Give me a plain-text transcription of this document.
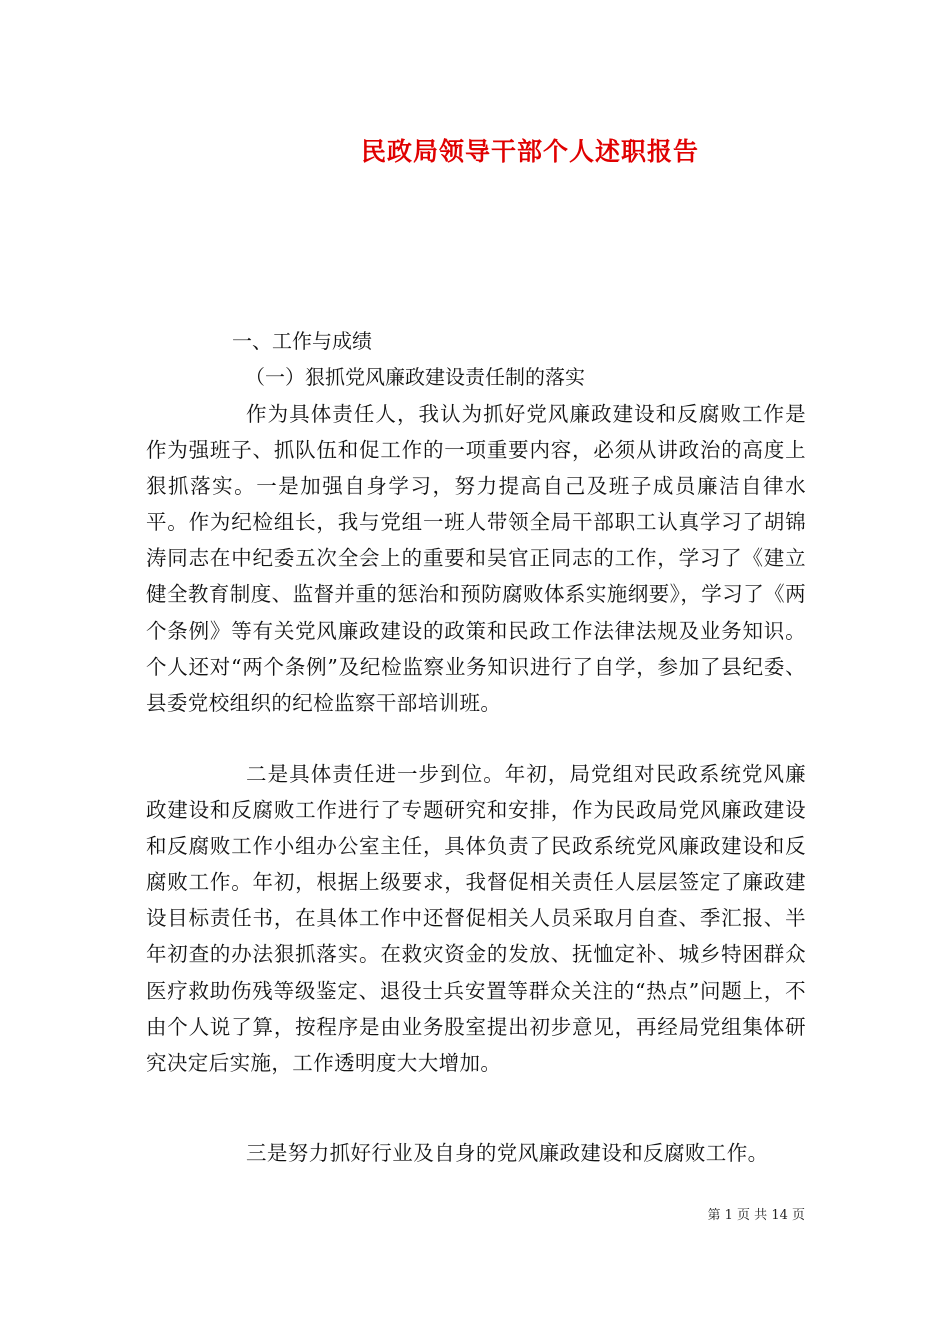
民政局领导干部个人述职报告
一、工作与成绩
（一）狠抓党风廉政建设责任制的落实

作为具体责任人，我认为抓好党风廉政建设和反腐败工作是作为强班子、抓队伍和促工作的一项重要内容，必须从讲政治的高度上狠抓落实。一是加强自身学习，努力提高自己及班子成员廉洁自律水平。作为纪检组长，我与党组一班人带领全局干部职工认真学习了胡锦涛同志在中纪委五次全会上的重要和吴官正同志的工作，学习了《建立健全教育制度、监督并重的惩治和预防腐败体系实施纲要》，学习了《两个条例》等有关党风廉政建设的政策和民政工作法律法规及业务知识。个人还对“两个条例”及纪检监察业务知识进行了自学，参加了县纪委、县委党校组织的纪检监察干部培训班。

二是具体责任进一步到位。年初，局党组对民政系统党风廉政建设和反腐败工作进行了专题研究和安排，作为民政局党风廉政建设和反腐败工作小组办公室主任，具体负责了民政系统党风廉政建设和反腐败工作。年初，根据上级要求，我督促相关责任人层层签定了廉政建设目标责任书，在具体工作中还督促相关人员采取月自查、季汇报、半年初查的办法狠抓落实。在救灾资金的发放、抚恤定补、城乡特困群众医疗救助伤残等级鉴定、退役士兵安置等群众关注的“热点”问题上，不由个人说了算，按程序是由业务股室提出初步意见，再经局党组集体研究决定后实施，工作透明度大大增加。

三是努力抓好行业及自身的党风廉政建设和反腐败工作。

第 1 页 共 14 页
